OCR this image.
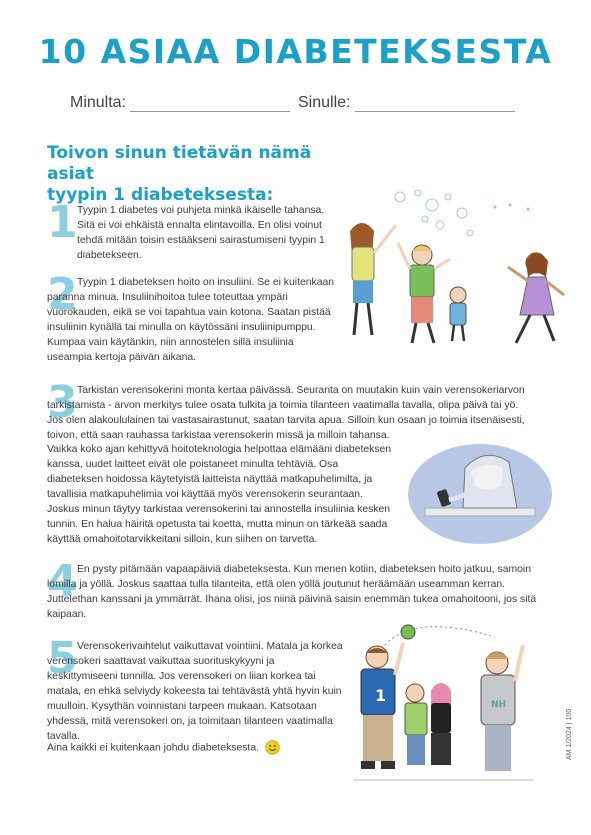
10 ASIAA DIABETEKSESTA
Minulta:	Sinulle:
Toivon sinun tietävän nämä asiat
tyypin 1 diabeteksesta:
1 Tyypin 1 diabetes voi puhjeta minkä ikäiselle tahansa. Sitä ei voi ehkäistä ennalta elintavoilla. En olisi voinut tehdä mitään toisin estääkseni sairastumiseni tyypin 1 diabetekseen.

2 Tyypin 1 diabeteksen hoito on insuliini. Se ei kuitenkaan paranna minua. Insuliinihoitoa tulee toteuttaa ympäri vuorokauden, eikä se voi tapahtua vain kotona. Saatan pistää insuliinin kynällä tai minulla on käytössäni insuliinipumppu. Kumpaa vain käytänkin, niin annostelen sillä insuliinia useampia kertoja päivän aikana.

3 Tarkistan verensokerini monta kertaa päivässä. Seuranta on muutakin kuin vain verensokeriarvon tarkistamista - arvon merkitys tulee osata tulkita ja toimia tilanteen vaatimalla tavalla, olipa päivä tai yö. Jos olen alakoululainen tai vastasairastunut, saatan tarvita apua. Silloin kun osaan jo toimia itsenäisesti, toivon, että saan rauhassa tarkistaa verensokerin missä ja milloin tahansa.

Vaikka koko ajan kehittyvä hoitoteknologia helpottaa elämääni diabeteksen kanssa, uudet laitteet eivät ole poistaneet minulta tehtäviä. Osa diabeteksen hoidossa käytetyistä laitteista näyttää matkapuhelimilta, ja tavallisia matkapuhelimia voi käyttää myös verensokerin seurantaan. Joskus minun täytyy tarkistaa verensokerini tai annostella insuliinia kesken tunnin. En halua häiritä opetusta tai koetta, mutta minun on tärkeää saada käyttää omahoitotarvikkeitani silloin, kun siihen on tarvetta.

4 En pysty pitämään vapaapäiviä diabeteksesta. Kun menen kotiin, diabeteksen hoito jatkuu, samoin lomilla ja yöllä. Joskus saattaa tulla tilanteita, että olen yöllä joutunut heräämään useamman kerran. Juttelethan kanssani ja ymmärrät. Ihana olisi, jos niinä päivinä saisin enemmän tukea omahoitooni, jos sitä kaipaan.

5 Verensokerivaihtelut vaikuttavat vointiini. Matala ja korkea verensokeri saattavat vaikuttaa suorituskykyyni ja keskittymiseeni tunnilla. Jos verensokeri on liian korkea tai matala, en ehkä selviydy kokeesta tai tehtävästä yhtä hyvin kuin muulloin. Kysythän voinnistani tarpeen mukaan. Katsotaan yhdessä, mitä verensokeri on, ja toimitaan tilanteen vaatimalla tavalla.

Aina kaikki ei kuitenkaan johdu diabeteksesta.
1	NH
AM 1/2024 | 100
